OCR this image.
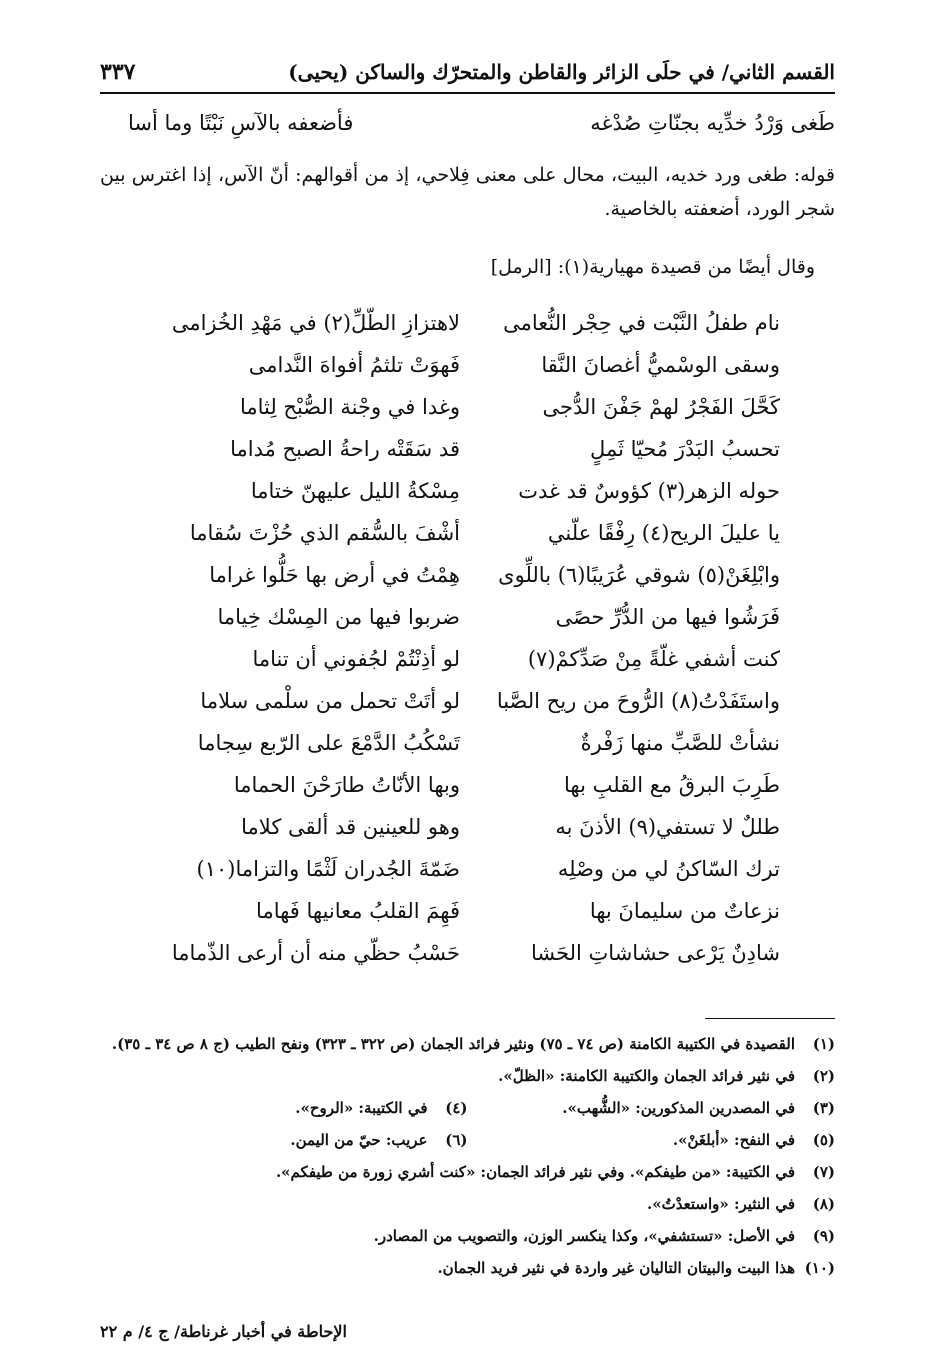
القسم الثاني/ في حلَى الزائر والقاطن والمتحرّك والساكن (يحيى)
٣٣٧
طَغى وَرْدُ خدِّيه بجنّاتِ صُدْغه
فأضعفه بالآسِ نَبْتًا وما أسا
قوله: طغى ورد خديه، البيت، محال على معنى فِلاحي، إذ من أقوالهم: أنّ الآس، إذا اغترس بين شجر الورد، أضعفته بالخاصية.
وقال أيضًا من قصيدة مهيارية(١): [الرمل]
نام طفلُ النَّبْت في حِجْر النُّعامى
لاهتزازِ الطّلِّ(٢) في مَهْدِ الخُزامى
وسقى الوسْميُّ أغصانَ النَّقا
فَهوَتْ تلثمُ أفواهَ النَّدامى
كَحَّلَ الفَجْرُ لهمْ جَفْنَ الدُّجى
وغدا في وجْنة الصُّبْح لِثاما
تحسبُ البَدْرَ مُحيّا ثَمِلٍ
قد سَقَتْه راحةُ الصبح مُداما
حوله الزهر(٣) كؤوسٌ قد غدت
مِسْكةُ الليل عليهنّ ختاما
يا عليلَ الريح(٤) رِفْقًا علّني
أشْفَ بالسُّقم الذي حُزْتَ سُقاما
وابْلِغَنْ(٥) شوقي عُرَيبًا(٦) باللِّوى
هِمْتُ في أرض بها حَلُّوا غراما
فَرَشُوا فيها من الدُّرِّ حصًى
ضربوا فيها من المِسْك خِياما
كنت أشفي غلّةً مِنْ صَدِّكمْ(٧)
لو أذِنْتُمْ لجُفوني أن تناما
واستَفَدْتُ(٨) الرُّوحَ من ريح الصَّبا
لو أتَتْ تحمل من سلْمى سلاما
نشأتْ للصَّبِّ منها زَفْرةٌ
تَسْكُبُ الدَّمْعَ على الرّبع سِجاما
طَرِبَ البرقُ مع القلبِ بها
وبها الأنّاتُ طارَحْنَ الحماما
طللٌ لا تستفي(٩) الأذنَ به
وهو للعينين قد ألقى كلاما
ترك السّاكنُ لي من وصْلِه
ضَمّةَ الجُدران لَثْمًا والتزاما(١٠)
نزعاتٌ من سليمانَ بها
فَهِمَ القلبُ معانيها فَهاما
شادِنٌ يَرْعى حشاشاتِ الحَشا
حَسْبُ حظّي منه أن أرعى الذّماما
(١)
القصيدة في الكتيبة الكامنة (ص ٧٤ ـ ٧٥) ونثير فرائد الجمان (ص ٣٢٢ ـ ٣٢٣) ونفح الطيب (ج ٨ ص ٣٤ ـ ٣٥).
(٢)
في نثير فرائد الجمان والكتيبة الكامنة: «الظلّ».
(٣)
في المصدرين المذكورين: «الشُّهب».
(٤)
في الكتيبة: «الروح».
(٥)
في النفح: «أبلغَنْ».
(٦)
عريب: حيّ من اليمن.
(٧)
في الكتيبة: «من طيفكم». وفي نثير فرائد الجمان: «كنت أشري زورة من طيفكم».
(٨)
في النثير: «واستعدْتُ».
(٩)
في الأصل: «تستشفي»، وكذا ينكسر الوزن، والتصويب من المصادر.
(١٠)
هذا البيت والبيتان التاليان غير واردة في نثير فريد الجمان.
الإحاطة في أخبار غرناطة/ ج ٤/ م ٢٢
